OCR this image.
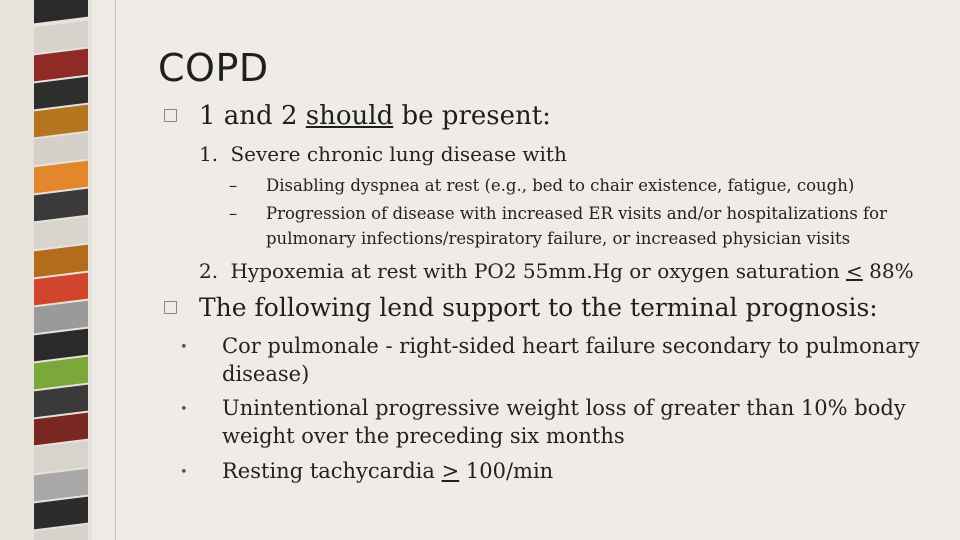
COPD
1 and 2 should be present:
1. Severe chronic lung disease with
– Disabling dyspnea at rest (e.g., bed to chair existence, fatigue, cough)
– Progression of disease with increased ER visits and/or hospitalizations for
pulmonary infections/respiratory failure, or increased physician visits
2. Hypoxemia at rest with PO2 55mm.Hg or oxygen saturation < 88%
The following lend support to the terminal prognosis:
• Cor pulmonale - right-sided heart failure secondary to pulmonary
disease)
• Unintentional progressive weight loss of greater than 10% body
weight over the preceding six months
• Resting tachycardia > 100/min
